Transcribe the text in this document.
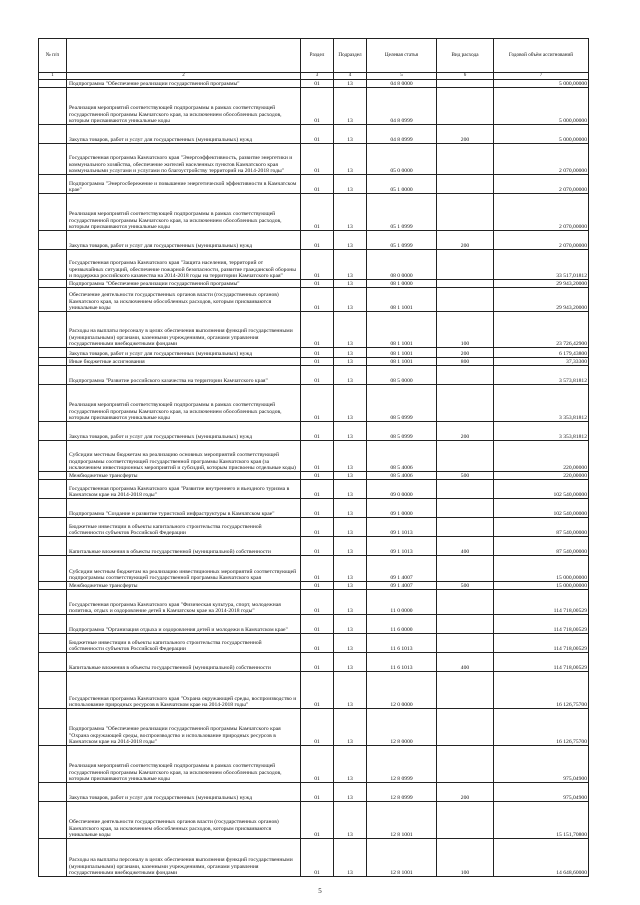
№ п/п		Раздел	Подраздел	Целевая статья	Вид расхода	Годовой объём ассигнований
1	2	3	4	5	6	7
	Подпрограмма "Обеспечение реализации государственной программы"	01	13	04 8 0000		5 000,00000
	Реализация мероприятий соответствующей подпрограммы в рамках соответствующей государственной программы Камчатского края, за исключением обособленных расходов, которым присваиваются уникальные коды	01	13	04 8 0999		5 000,00000
	Закупка товаров, работ и услуг для государственных (муниципальных) нужд	01	13	04 8 0999	200	5 000,00000
	Государственная программа Камчатского края "Энергоэффективность, развитие энергетики и коммунального хозяйства, обеспечение жителей населенных пунктов Камчатского края коммунальными услугами и услугами по благоустройству территорий на 2014-2018 годы"	01	13	05 0 0000		2 070,00000
	Подпрограмма "Энергосбережение и повышение энергетической эффективности в Камчатском крае"	01	13	05 1 0000		2 070,00000
	Реализация мероприятий соответствующей подпрограммы в рамках соответствующей государственной программы Камчатского края, за исключением обособленных расходов, которым присваиваются уникальные коды	01	13	05 1 0999		2 070,00000
	Закупка товаров, работ и услуг для государственных (муниципальных) нужд	01	13	05 1 0999	200	2 070,00000
	Государственная программа Камчатского края "Защита населения, территорий от чрезвычайных ситуаций, обеспечение пожарной безопасности, развитие гражданской обороны и поддержка российского казачества на 2014-2018 годы на территории Камчатского края"	01	13	08 0 0000		33 517,01812
	Подпрограмма "Обеспечение реализации государственной программы"	01	13	08 1 0000		29 943,20000
	Обеспечение деятельности государственных органов власти (государственных органов) Камчатского края, за исключением обособленных расходов, которым присваиваются уникальные коды	01	13	08 1 1001		29 943,20000
	Расходы на выплаты персоналу в целях обеспечения выполнения функций государственными (муниципальными) органами, казенными учреждениями, органами управления государственными внебюджетными фондами	01	13	08 1 1001	100	23 726,42900
	Закупка товаров, работ и услуг для государственных (муниципальных) нужд	01	13	08 1 1001	200	6 179,43800
	Иные бюджетные ассигнования	01	13	08 1 1001	800	37,33300
	Подпрограмма "Развитие российского казачества на территории Камчатского края"	01	13	08 5 0000		3 573,81812
	Реализация мероприятий соответствующей подпрограммы в рамках соответствующей государственной программы Камчатского края, за исключением обособленных расходов, которым присваиваются уникальные коды	01	13	08 5 0999		3 353,81812
	Закупка товаров, работ и услуг для государственных (муниципальных) нужд	01	13	08 5 0999	200	3 353,81812
	Субсидии местным бюджетам на реализацию основных мероприятий соответствующей подпрограммы соответствующей государственной программы Камчатского края (за исключением инвестиционных мероприятий и субсидий, которым присвоены отдельные коды)	01	13	08 5 4006		220,00000
	Межбюджетные трансферты	01	13	08 5 4006	500	220,00000
	Государственная программа Камчатского края "Развитие внутреннего и въездного туризма в Камчатском крае на 2014-2018 годы"	01	13	09 0 0000		102 540,00000
	Подпрограмма "Создание и развитие туристской инфраструктуры в Камчатском крае"	01	13	09 1 0000		102 540,00000
	Бюджетные инвестиции в объекты капитального строительства государственной собственности субъектов Российской Федерации	01	13	09 1 1013		87 540,00000
	Капитальные вложения в объекты государственной (муниципальной) собственности	01	13	09 1 1013	400	87 540,00000
	Субсидии местным бюджетам на реализацию инвестиционных мероприятий соответствующей подпрограммы соответствующей государственной программы Камчатского края	01	13	09 1 4007		15 000,00000
	Межбюджетные трансферты	01	13	09 1 4007	500	15 000,00000
	Государственная программа Камчатского края "Физическая культура, спорт, молодежная политика, отдых и оздоровление детей в Камчатском крае на 2014-2018 годы"	01	13	11 0 0000		114 718,00529
	Подпрограмма "Организация отдыха и оздоровления детей и молодежи в Камчатском крае"	01	13	11 6 0000		114 718,00529
	Бюджетные инвестиции в объекты капитального строительства государственной собственности субъектов Российской Федерации	01	13	11 6 1013		114 718,00529
	Капитальные вложения в объекты государственной (муниципальной) собственности	01	13	11 6 1013	400	114 718,00529
	Государственная программа Камчатского края "Охрана окружающей среды, воспроизводство и использование природных ресурсов в Камчатском крае на 2014-2018 годы"	01	13	12 0 0000		16 126,75700
	Подпрограмма "Обеспечение реализации государственной программы Камчатского края "Охрана окружающей среды, воспроизводство и использование природных ресурсов в Камчатском крае на 2014-2018 годы"	01	13	12 8 0000		16 126,75700
	Реализация мероприятий соответствующей подпрограммы в рамках соответствующей государственной программы Камчатского края, за исключением обособленных расходов, которым присваиваются уникальные коды	01	13	12 8 0999		975,04900
	Закупка товаров, работ и услуг для государственных (муниципальных) нужд	01	13	12 8 0999	200	975,04900
	Обеспечение деятельности государственных органов власти (государственных органов) Камчатского края, за исключением обособленных расходов, которым присваиваются уникальные коды	01	13	12 8 1001		15 151,70800
	Расходы на выплаты персоналу в целях обеспечения выполнения функций государственными (муниципальными) органами, казенными учреждениями, органами управления государственными внебюджетными фондами	01	13	12 8 1001	100	14 648,60000
5
